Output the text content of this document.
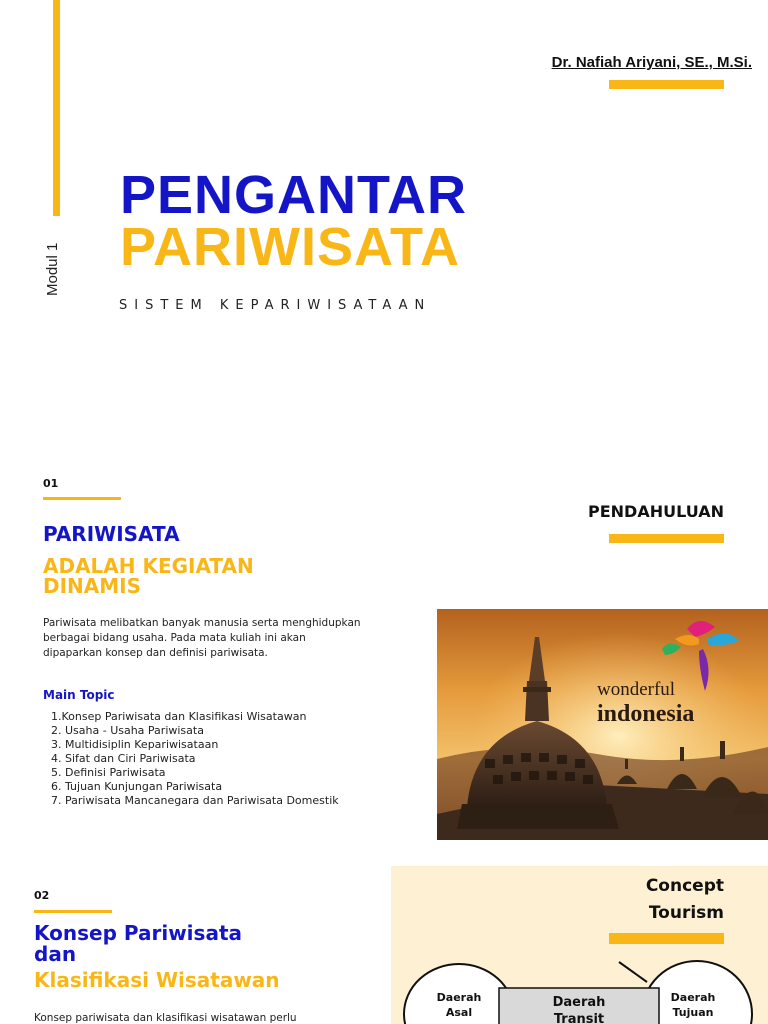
Modul 1
Dr. Nafiah Ariyani, SE., M.Si.
PENGANTAR
PARIWISATA
SISTEM KEPARIWISATAAN
01
PENDAHULUAN
PARIWISATA
ADALAH KEGIATAN
DINAMIS
Pariwisata melibatkan banyak manusia serta menghidupkan
berbagai bidang usaha. Pada mata kuliah ini akan
dipaparkan konsep dan definisi pariwisata.
Main Topic
1.Konsep Pariwisata dan Klasifikasi Wisatawan
2. Usaha - Usaha Pariwisata
3. Multidisiplin Kepariwisataan
4. Sifat dan Ciri Pariwisata
5. Definisi Pariwisata
6. Tujuan Kunjungan Pariwisata
7. Pariwisata Mancanegara dan Pariwisata Domestik
wonderful
indonesia
02
Konsep Pariwisata
dan
Klasifikasi Wisatawan
Konsep pariwisata dan klasifikasi wisatawan perlu
Concept
Tourism
Daerah
Asal
Daerah
Transit
Daerah
Tujuan
